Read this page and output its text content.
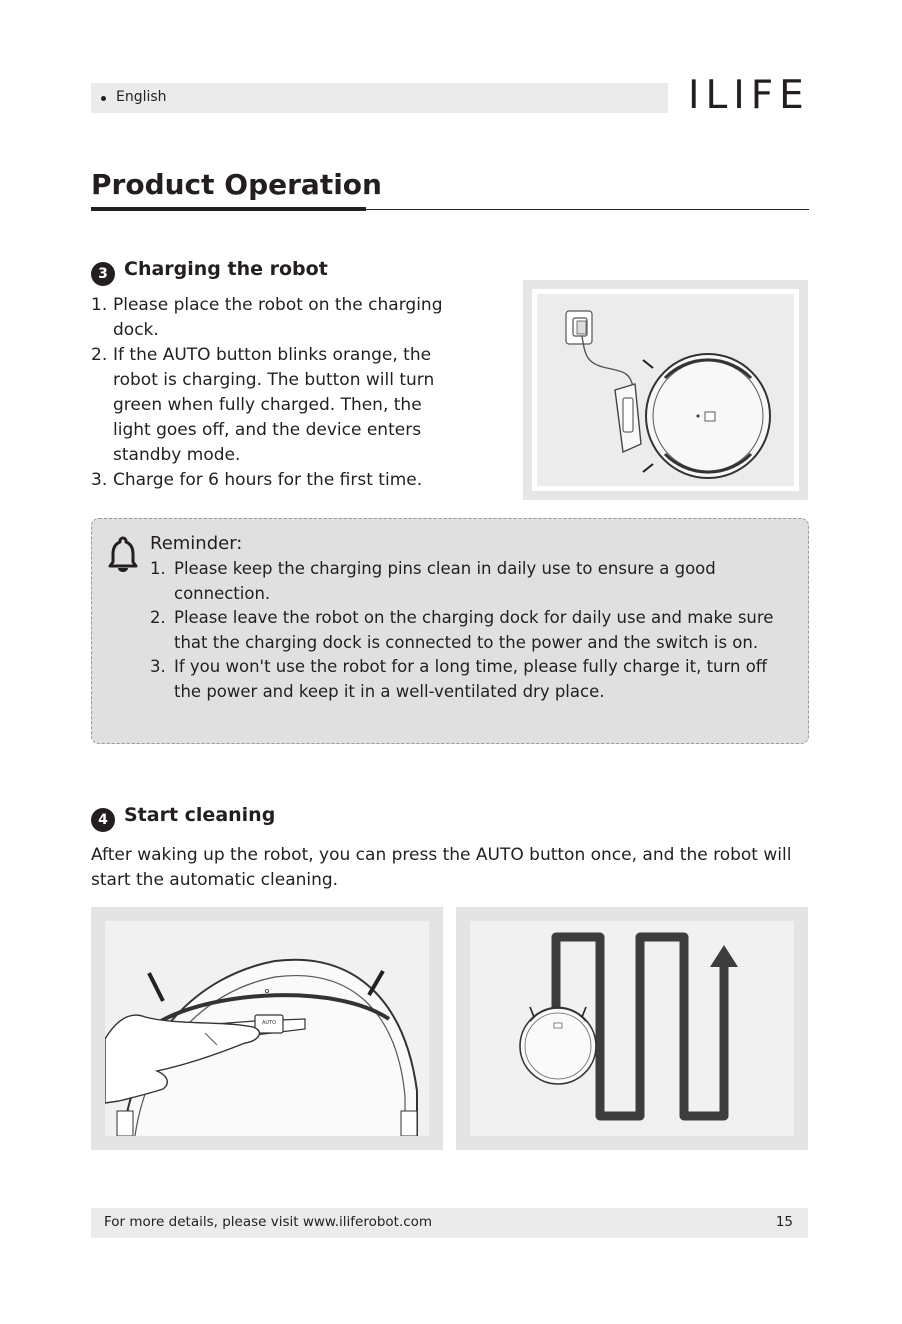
English	ILIFE
Product Operation
3 Charging the robot
1. Please place the robot on the charging dock.
2. If the AUTO button blinks orange, the robot is charging. The button will turn green when fully charged. Then, the light goes off, and the device enters standby mode.
3. Charge for 6 hours for the first time.
Reminder:
1. Please keep the charging pins clean in daily use to ensure a good connection.
2. Please leave the robot on the charging dock for daily use and make sure that the charging dock is connected to the power and the switch is on.
3. If you won't use the robot for a long time, please fully charge it, turn off the power and keep it in a well-ventilated dry place.
4 Start cleaning
After waking up the robot, you can press the AUTO button once, and the robot will start the automatic cleaning.
AUTO
For more details, please visit www.iliferobot.com	15
